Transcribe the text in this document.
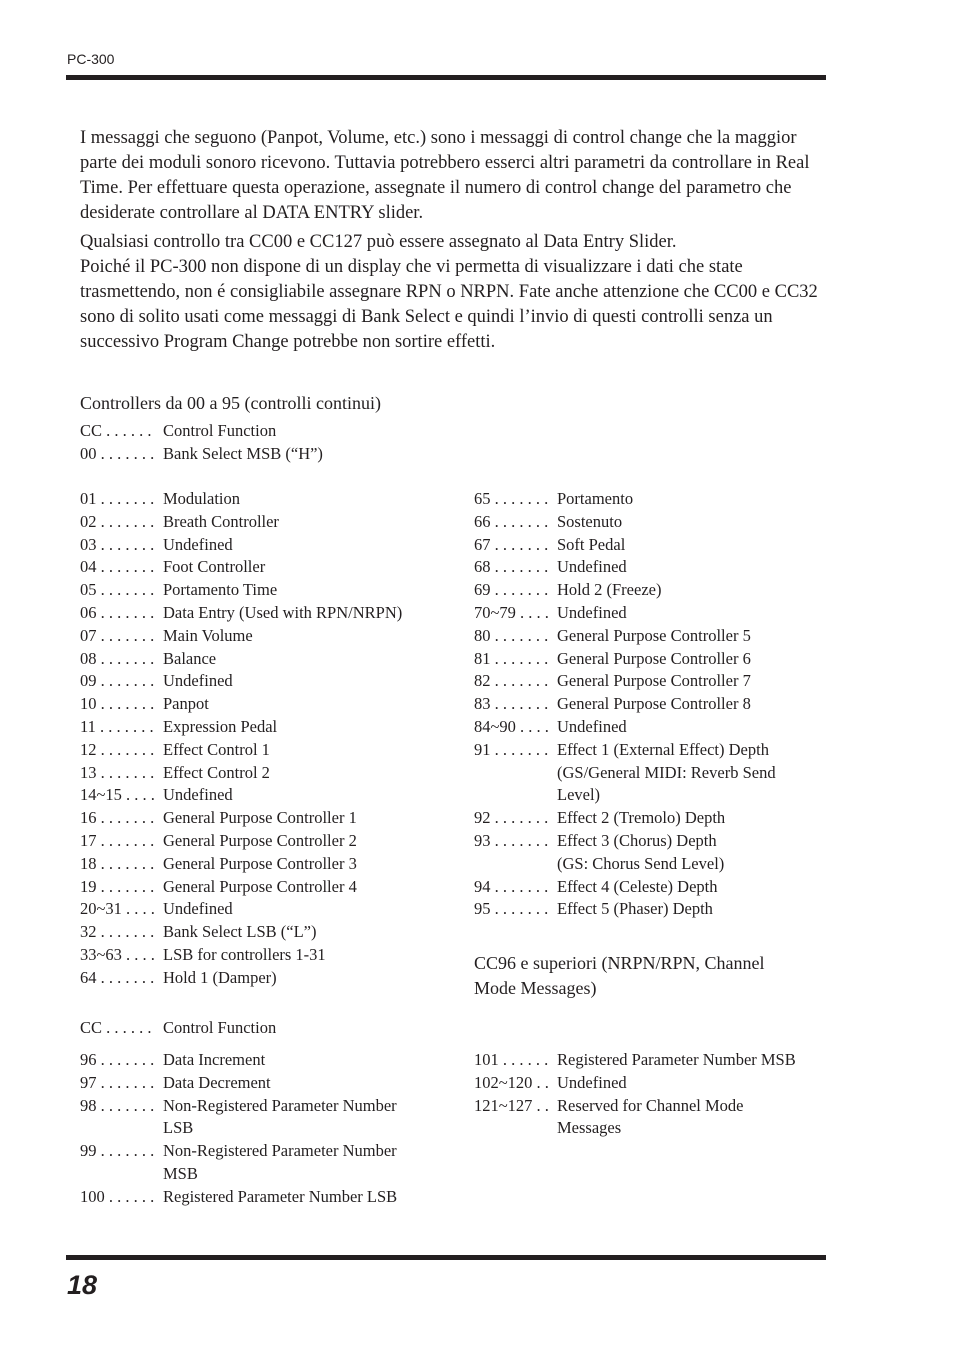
PC-300

I messaggi che seguono (Panpot, Volume, etc.) sono i messaggi di control change che la maggior parte dei moduli sonoro ricevono. Tuttavia potrebbero esserci altri parametri da controllare in Real Time. Per effettuare questa operazione, assegnate il numero di control change del parametro che desiderate controllare al DATA ENTRY slider.

Qualsiasi controllo tra CC00 e CC127 può essere assegnato al Data Entry Slider.

Poiché il PC-300 non dispone di un display che vi permetta di visualizzare i dati che state trasmettendo, non é consigliabile assegnare RPN o NRPN. Fate anche attenzione che CC00 e CC32 sono di solito usati come messaggi di Bank Select e quindi l’invio di questi controlli senza un successivo Program Change potrebbe non sortire effetti.

Controllers da 00 a 95 (controlli continui)
CC . . . . . . Control Function
00 . . . . . . . Bank Select MSB (“H”)
01 . . . . . . . Modulation
02 . . . . . . . Breath Controller
03 . . . . . . . Undefined
04 . . . . . . . Foot Controller
05 . . . . . . . Portamento Time
06 . . . . . . . Data Entry (Used with RPN/NRPN)
07 . . . . . . . Main Volume
08 . . . . . . . Balance
09 . . . . . . . Undefined
10 . . . . . . . Panpot
11 . . . . . . . Expression Pedal
12 . . . . . . . Effect Control 1
13 . . . . . . . Effect Control 2
14~15 . . . . Undefined
16 . . . . . . . General Purpose Controller 1
17 . . . . . . . General Purpose Controller 2
18 . . . . . . . General Purpose Controller 3
19 . . . . . . . General Purpose Controller 4
20~31 . . . . Undefined
32 . . . . . . . Bank Select LSB (“L”)
33~63 . . . . LSB for controllers 1-31
64 . . . . . . . Hold 1 (Damper)
65 . . . . . . . Portamento
66 . . . . . . . Sostenuto
67 . . . . . . . Soft Pedal
68 . . . . . . . Undefined
69 . . . . . . . Hold 2 (Freeze)
70~79 . . . . Undefined
80 . . . . . . . General Purpose Controller 5
81 . . . . . . . General Purpose Controller 6
82 . . . . . . . General Purpose Controller 7
83 . . . . . . . General Purpose Controller 8
84~90 . . . . Undefined
91 . . . . . . . Effect 1 (External Effect) Depth
(GS/General MIDI: Reverb Send
Level)
92 . . . . . . . Effect 2 (Tremolo) Depth
93 . . . . . . . Effect 3 (Chorus) Depth
(GS: Chorus Send Level)
94 . . . . . . . Effect 4 (Celeste) Depth
95 . . . . . . . Effect 5 (Phaser) Depth
CC96 e superiori (NRPN/RPN, Channel
Mode Messages)
CC . . . . . . Control Function
96 . . . . . . . Data Increment
97 . . . . . . . Data Decrement
98 . . . . . . . Non-Registered Parameter Number
LSB
99 . . . . . . . Non-Registered Parameter Number
MSB
100 . . . . . . Registered Parameter Number LSB
101 . . . . . . Registered Parameter Number MSB
102~120 . . Undefined
121~127 . . Reserved for Channel Mode
Messages
18
